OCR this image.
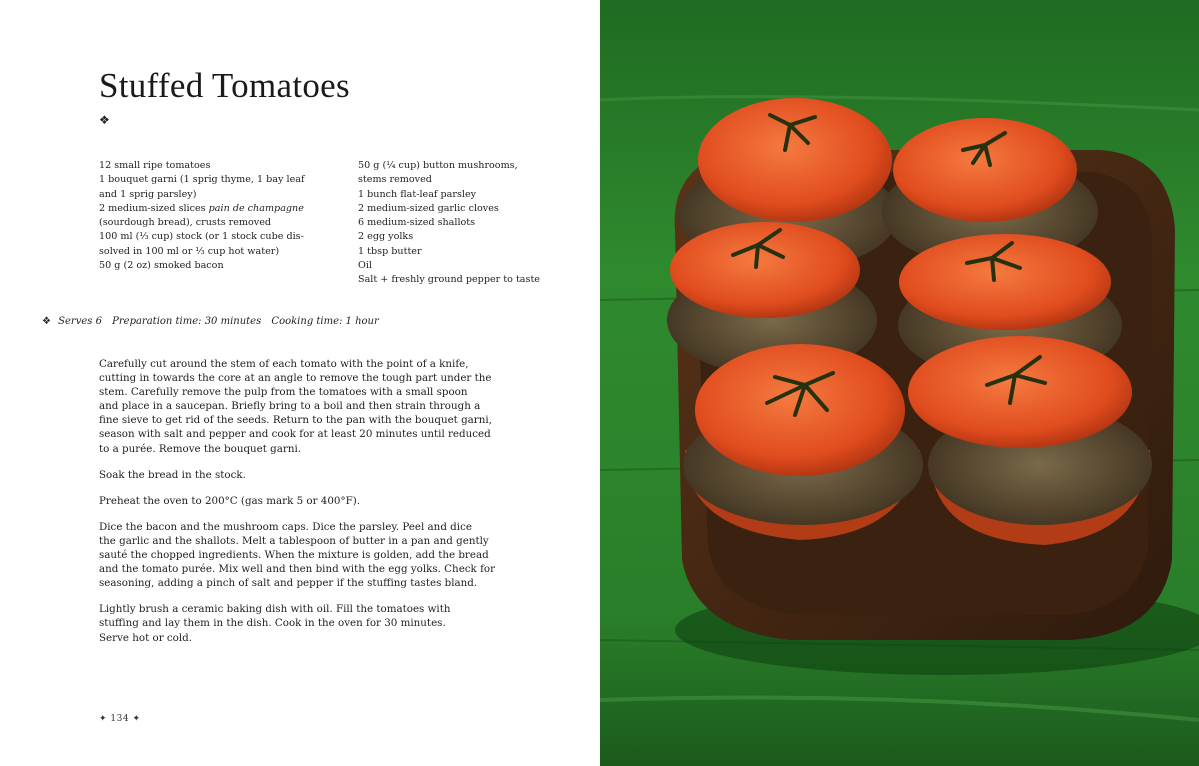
Stuffed Tomatoes
❖
12 small ripe tomatoes
1 bouquet garni (1 sprig thyme, 1 bay leaf
and 1 sprig parsley)
2 medium-sized slices pain de champagne
(sourdough bread), crusts removed
100 ml (⅓ cup) stock (or 1 stock cube dis-
solved in 100 ml or ⅓ cup hot water)
50 g (2 oz) smoked bacon
50 g (¼ cup) button mushrooms,
stems removed
1 bunch flat-leaf parsley
2 medium-sized garlic cloves
6 medium-sized shallots
2 egg yolks
1 tbsp butter
Oil
Salt + freshly ground pepper to taste
❖ Serves 6 Preparation time: 30 minutes Cooking time: 1 hour

Carefully cut around the stem of each tomato with the point of a knife,
cutting in towards the core at an angle to remove the tough part under the
stem. Carefully remove the pulp from the tomatoes with a small spoon
and place in a saucepan. Briefly bring to a boil and then strain through a
fine sieve to get rid of the seeds. Return to the pan with the bouquet garni,
season with salt and pepper and cook for at least 20 minutes until reduced
to a purée. Remove the bouquet garni.

Soak the bread in the stock.

Preheat the oven to 200°C (gas mark 5 or 400°F).

Dice the bacon and the mushroom caps. Dice the parsley. Peel and dice
the garlic and the shallots. Melt a tablespoon of butter in a pan and gently
sauté the chopped ingredients. When the mixture is golden, add the bread
and the tomato purée. Mix well and then bind with the egg yolks. Check for
seasoning, adding a pinch of salt and pepper if the stuffing tastes bland.

Lightly brush a ceramic baking dish with oil. Fill the tomatoes with
stuffing and lay them in the dish. Cook in the oven for 30 minutes.
Serve hot or cold.

✦ 134 ✦
